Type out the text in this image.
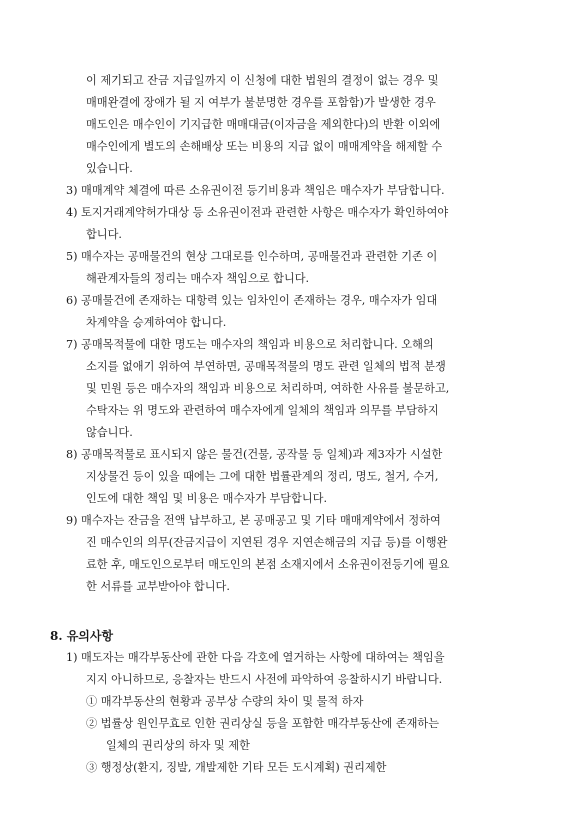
이 제기되고 잔금 지급일까지 이 신청에 대한 법원의 결정이 없는 경우 및
매매완결에 장애가 될 지 여부가 불분명한 경우를 포함함)가 발생한 경우
매도인은 매수인이 기지급한 매매대금(이자금을 제외한다)의 반환 이외에
매수인에게 별도의 손해배상 또는 비용의 지급 없이 매매계약을 해제할 수
있습니다.
3) 매매계약 체결에 따른 소유권이전 등기비용과 책임은 매수자가 부담합니다.
4) 토지거래계약허가대상 등 소유권이전과 관련한 사항은 매수자가 확인하여야
합니다.
5) 매수자는 공매물건의 현상 그대로를 인수하며, 공매물건과 관련한 기존 이
해관계자들의 정리는 매수자 책임으로 합니다.
6) 공매물건에 존재하는 대항력 있는 임차인이 존재하는 경우, 매수자가 임대
차계약을 승계하여야 합니다.
7) 공매목적물에 대한 명도는 매수자의 책임과 비용으로 처리합니다. 오해의
소지를 없애기 위하여 부연하면, 공매목적물의 명도 관련 일체의 법적 분쟁
및 민원 등은 매수자의 책임과 비용으로 처리하며, 여하한 사유를 불문하고,
수탁자는 위 명도와 관련하여 매수자에게 일체의 책임과 의무를 부담하지
않습니다.
8) 공매목적물로 표시되지 않은 물건(건물, 공작물 등 일체)과 제3자가 시설한
지상물건 등이 있을 때에는 그에 대한 법률관계의 정리, 명도, 철거, 수거,
인도에 대한 책임 및 비용은 매수자가 부담합니다.
9) 매수자는 잔금을 전액 납부하고, 본 공매공고 및 기타 매매계약에서 정하여
진 매수인의 의무(잔금지급이 지연된 경우 지연손해금의 지급 등)를 이행완
료한 후, 매도인으로부터 매도인의 본점 소재지에서 소유권이전등기에 필요
한 서류를 교부받아야 합니다.
8. 유의사항
1) 매도자는 매각부동산에 관한 다음 각호에 열거하는 사항에 대하여는 책임을
지지 아니하므로, 응찰자는 반드시 사전에 파악하여 응찰하시기 바랍니다.
① 매각부동산의 현황과 공부상 수량의 차이 및 물적 하자
② 법률상 원인무효로 인한 권리상실 등을 포함한 매각부동산에 존재하는
일체의 권리상의 하자 및 제한
③ 행정상(환지, 징발, 개발제한 기타 모든 도시계획) 권리제한
